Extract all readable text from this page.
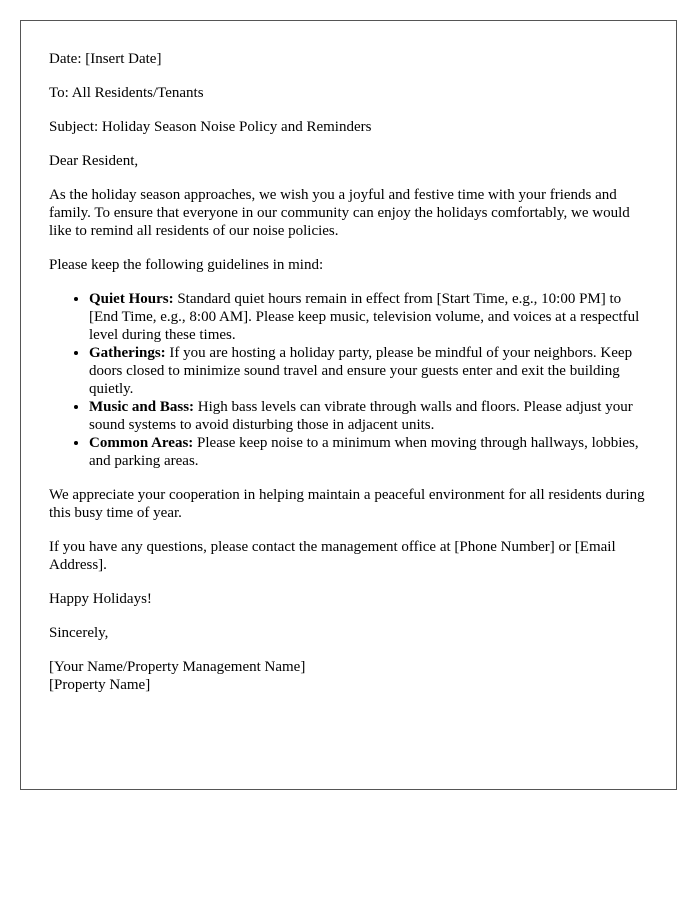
Date: [Insert Date]

To: All Residents/Tenants

Subject: Holiday Season Noise Policy and Reminders

Dear Resident,

As the holiday season approaches, we wish you a joyful and festive time with your friends and family. To ensure that everyone in our community can enjoy the holidays comfortably, we would like to remind all residents of our noise policies.

Please keep the following guidelines in mind:

• Quiet Hours: Standard quiet hours remain in effect from [Start Time, e.g., 10:00 PM] to [End Time, e.g., 8:00 AM]. Please keep music, television volume, and voices at a respectful level during these times.
• Gatherings: If you are hosting a holiday party, please be mindful of your neighbors. Keep doors closed to minimize sound travel and ensure your guests enter and exit the building quietly.
• Music and Bass: High bass levels can vibrate through walls and floors. Please adjust your sound systems to avoid disturbing those in adjacent units.
• Common Areas: Please keep noise to a minimum when moving through hallways, lobbies, and parking areas.

We appreciate your cooperation in helping maintain a peaceful environment for all residents during this busy time of year.

If you have any questions, please contact the management office at [Phone Number] or [Email Address].

Happy Holidays!

Sincerely,

[Your Name/Property Management Name]

[Property Name]
